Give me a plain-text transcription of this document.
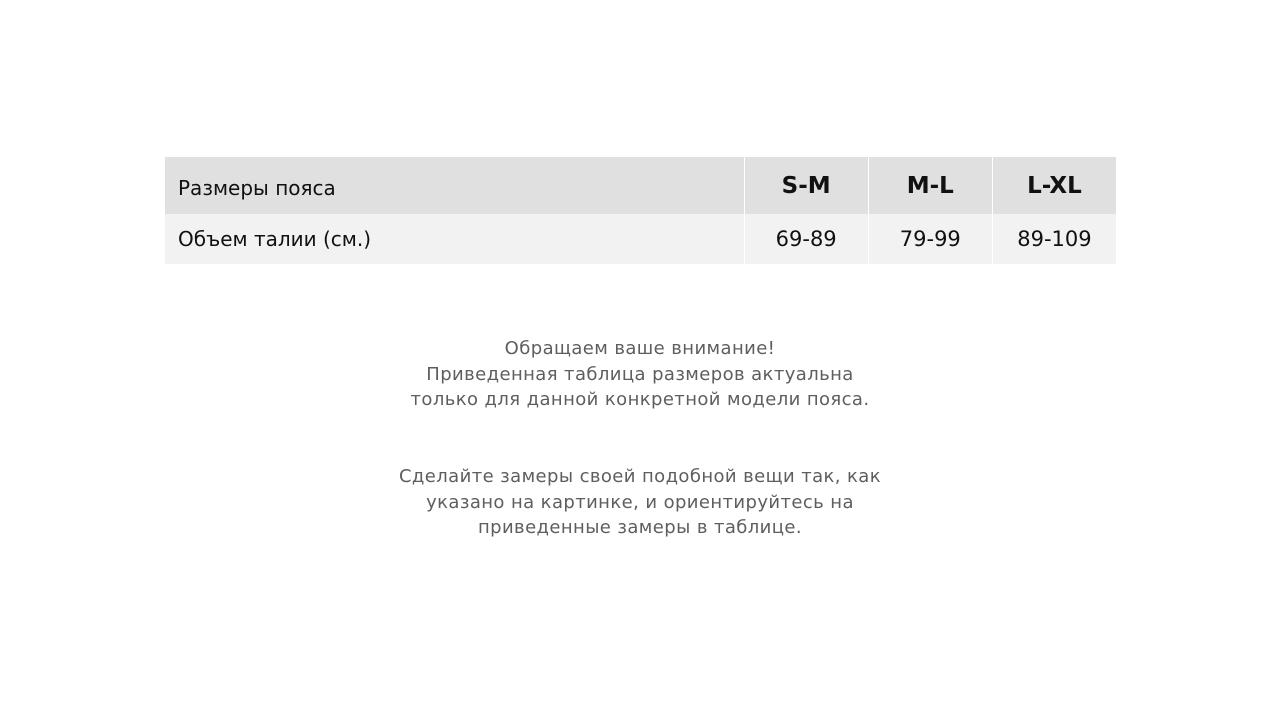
Размеры пояса	S-M	M-L	L-XL
Объем талии (см.)	69-89	79-99	89-109
Обращаем ваше внимание!
Приведенная таблица размеров актуальна
только для данной конкретной модели пояса.
Сделайте замеры своей подобной вещи так, как
указано на картинке, и ориентируйтесь на
приведенные замеры в таблице.
